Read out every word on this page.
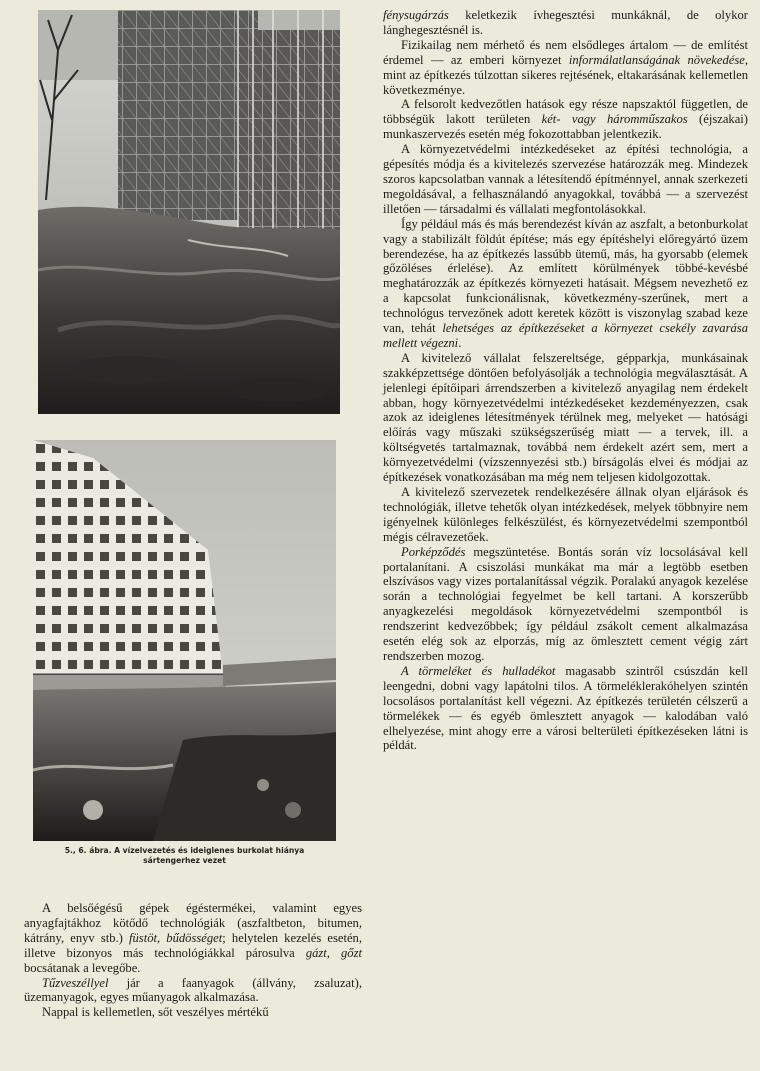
5., 6. ábra. A vízelvezetés és ideiglenes burkolat hiánya
sártengerhez vezet

A belsőégésű gépek égéstermékei, valamint egyes anyagfajtákhoz kötődő technológiák (aszfaltbeton, bitumen, kátrány, enyv stb.) füstöt, bűdösséget; helytelen kezelés esetén, illetve bizonyos más technológiákkal párosulva gázt, gőzt bocsátanak a levegőbe.

Tűzveszéllyel jár a faanyagok (állvány, zsaluzat), üzemanyagok, egyes műanyagok alkalmazása.

Nappal is kellemetlen, sőt veszélyes mértékű

fénysugárzás keletkezik ívhegesztési munkáknál, de olykor lánghegesztésnél is.

Fizikailag nem mérhető és nem elsődleges ártalom — de említést érdemel — az emberi környezet informálatlanságának növekedése, mint az építkezés túlzottan sikeres rejtésének, eltakarásának kellemetlen következménye.

A felsorolt kedvezőtlen hatások egy része napszaktól független, de többségük lakott területen két- vagy háromműszakos (éjszakai) munkaszervezés esetén még fokozottabban jelentkezik.

A környezetvédelmi intézkedéseket az építési technológia, a gépesítés módja és a kivitelezés szervezése határozzák meg. Mindezek szoros kapcsolatban vannak a létesítendő építménnyel, annak szerkezeti megoldásával, a felhasználandó anyagokkal, továbbá — a szervezést illetően — társadalmi és vállalati megfontolásokkal.

Így például más és más berendezést kíván az aszfalt, a betonburkolat vagy a stabilizált földút építése; más egy építéshelyi előregyártó üzem berendezése, ha az építkezés lassúbb ütemű, más, ha gyorsabb (elemek gőzöléses érlelése). Az említett körülmények többé-kevésbé meghatározzák az építkezés környezeti hatásait. Mégsem nevezhető ez a kapcsolat funkcionálisnak, következmény-szerűnek, mert a technológus tervezőnek adott keretek között is viszonylag szabad keze van, tehát lehetséges az építkezéseket a környezet csekély zavarása mellett végezni.

A kivitelező vállalat felszereltsége, gépparkja, munkásainak szakképzettsége döntően befolyásolják a technológia megválasztását. A jelenlegi építőipari árrendszerben a kivitelező anyagilag nem érdekelt abban, hogy környezetvédelmi intézkedéseket kezdeményezzen, csak azok az ideiglenes létesítmények térülnek meg, melyeket — hatósági előírás vagy műszaki szükségszerűség miatt — a tervek, ill. a költségvetés tartalmaznak, továbbá nem érdekelt azért sem, mert a környezetvédelmi (vízszennyezési stb.) bírságolás elvei és módjai az építkezések vonatkozásában ma még nem teljesen kidolgozottak.

A kivitelező szervezetek rendelkezésére állnak olyan eljárások és technológiák, illetve tehetők olyan intézkedések, melyek többnyire nem igényelnek különleges felkészülést, és környezetvédelmi szempontból mégis célravezetőek.

Porképződés megszüntetése. Bontás során víz locsolásával kell portalanítani. A csiszolási munkákat ma már a legtöbb esetben elszívásos vagy vizes portalanítással végzik. Poralakú anyagok kezelése során a technológiai fegyelmet be kell tartani. A korszerűbb anyagkezelési megoldások környezetvédelmi szempontból is rendszerint kedvezőbbek; így például zsákolt cement alkalmazása esetén elég sok az elporzás, míg az ömlesztett cement végig zárt rendszerben mozog.

A törmeléket és hulladékot magasabb szintről csúszdán kell leengedni, dobni vagy lapátolni tilos. A törmeléklerakóhelyen szintén locsolásos portalanítást kell végezni. Az építkezés területén célszerű a törmelékek — és egyéb ömlesztett anyagok — kalodában való elhelyezése, mint ahogy erre a városi belterületi építkezéseken látni is példát.
